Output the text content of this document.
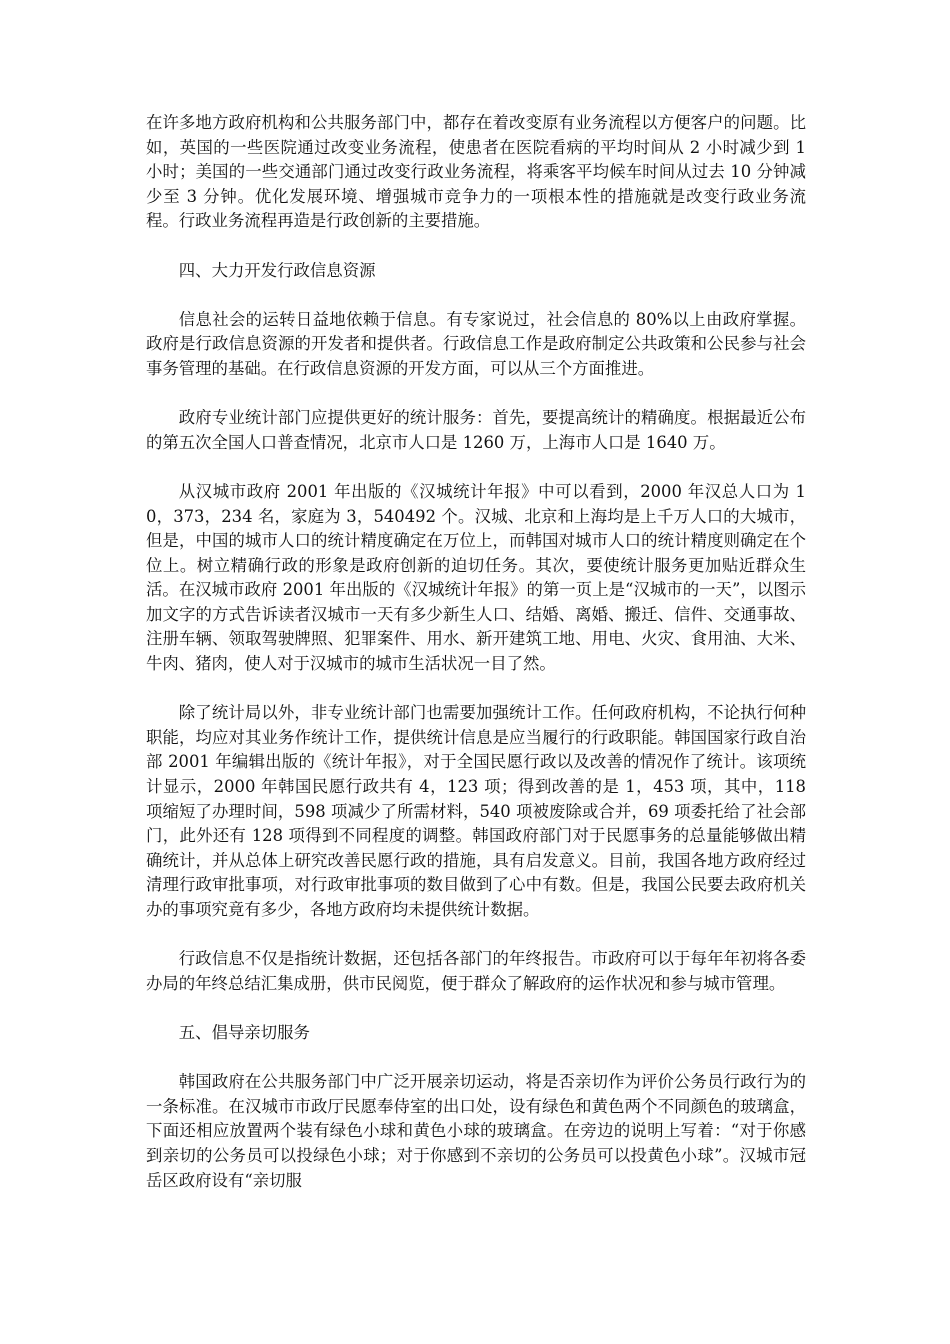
在许多地方政府机构和公共服务部门中，都存在着改变原有业务流程以方便客户的问题。比如，英国的一些医院通过改变业务流程，使患者在医院看病的平均时间从 2 小时减少到 1 小时；美国的一些交通部门通过改变行政业务流程，将乘客平均候车时间从过去 10 分钟减少至 3 分钟。优化发展环境、增强城市竞争力的一项根本性的措施就是改变行政业务流程。行政业务流程再造是行政创新的主要措施。

四、大力开发行政信息资源

信息社会的运转日益地依赖于信息。有专家说过，社会信息的 80%以上由政府掌握。政府是行政信息资源的开发者和提供者。行政信息工作是政府制定公共政策和公民参与社会事务管理的基础。在行政信息资源的开发方面，可以从三个方面推进。

政府专业统计部门应提供更好的统计服务：首先，要提高统计的精确度。根据最近公布的第五次全国人口普查情况，北京市人口是 1260 万，上海市人口是 1640 万。

从汉城市政府 2001 年出版的《汉城统计年报》中可以看到，2000 年汉总人口为 10，373，234 名，家庭为 3，540492 个。汉城、北京和上海均是上千万人口的大城市，但是，中国的城市人口的统计精度确定在万位上，而韩国对城市人口的统计精度则确定在个位上。树立精确行政的形象是政府创新的迫切任务。其次，要使统计服务更加贴近群众生活。在汉城市政府 2001 年出版的《汉城统计年报》的第一页上是“汉城市的一天”，以图示加文字的方式告诉读者汉城市一天有多少新生人口、结婚、离婚、搬迁、信件、交通事故、注册车辆、领取驾驶牌照、犯罪案件、用水、新开建筑工地、用电、火灾、食用油、大米、牛肉、猪肉，使人对于汉城市的城市生活状况一目了然。

除了统计局以外，非专业统计部门也需要加强统计工作。任何政府机构，不论执行何种职能，均应对其业务作统计工作，提供统计信息是应当履行的行政职能。韩国国家行政自治部 2001 年编辑出版的《统计年报》，对于全国民愿行政以及改善的情况作了统计。该项统计显示，2000 年韩国民愿行政共有 4，123 项；得到改善的是 1，453 项，其中，118 项缩短了办理时间，598 项减少了所需材料，540 项被废除或合并，69 项委托给了社会部门，此外还有 128 项得到不同程度的调整。韩国政府部门对于民愿事务的总量能够做出精确统计，并从总体上研究改善民愿行政的措施，具有启发意义。目前，我国各地方政府经过清理行政审批事项，对行政审批事项的数目做到了心中有数。但是，我国公民要去政府机关办的事项究竟有多少，各地方政府均未提供统计数据。

行政信息不仅是指统计数据，还包括各部门的年终报告。市政府可以于每年年初将各委办局的年终总结汇集成册，供市民阅览，便于群众了解政府的运作状况和参与城市管理。

五、倡导亲切服务

韩国政府在公共服务部门中广泛开展亲切运动，将是否亲切作为评价公务员行政行为的一条标准。在汉城市市政厅民愿奉侍室的出口处，设有绿色和黄色两个不同颜色的玻璃盒，下面还相应放置两个装有绿色小球和黄色小球的玻璃盒。在旁边的说明上写着：“对于你感到亲切的公务员可以投绿色小球；对于你感到不亲切的公务员可以投黄色小球”。汉城市冠岳区政府设有“亲切服
